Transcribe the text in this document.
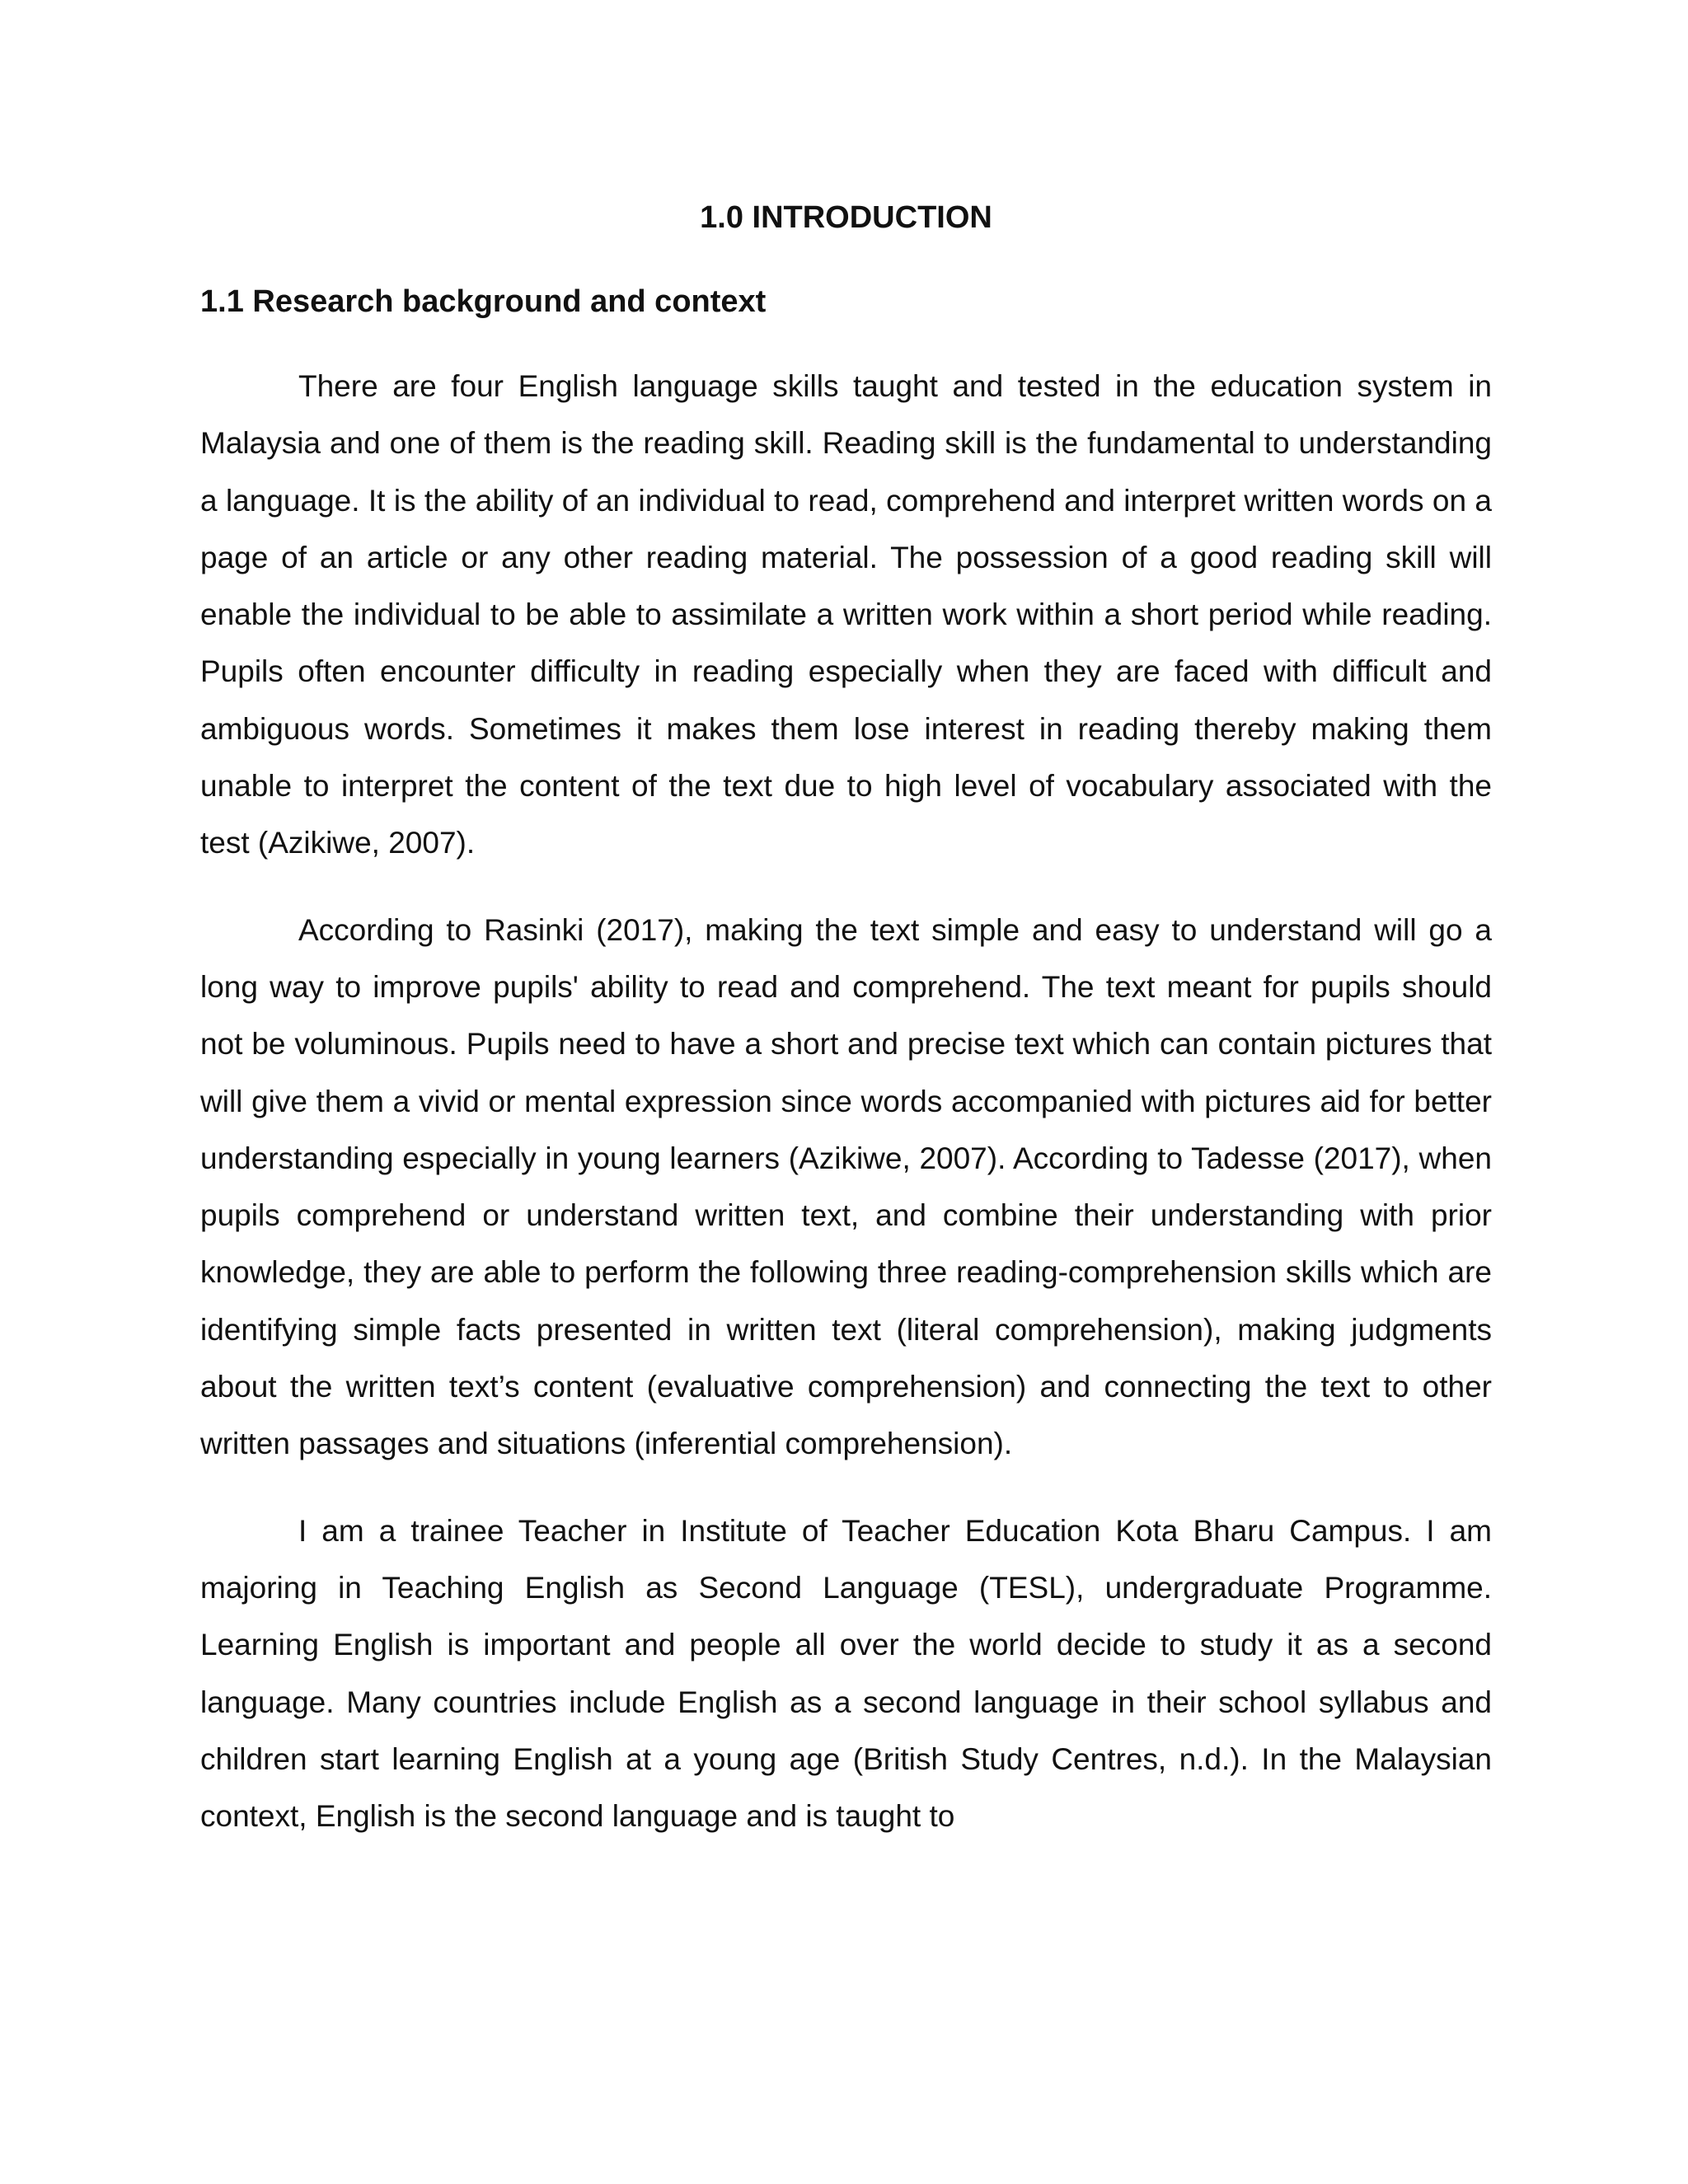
1.0 INTRODUCTION
1.1 Research background and context

There are four English language skills taught and tested in the education system in Malaysia and one of them is the reading skill. Reading skill is the fundamental to understanding a language. It is the ability of an individual to read, comprehend and interpret written words on a page of an article or any other reading material. The possession of a good reading skill will enable the individual to be able to assimilate a written work within a short period while reading. Pupils often encounter difficulty in reading especially when they are faced with difficult and ambiguous words. Sometimes it makes them lose interest in reading thereby making them unable to interpret the content of the text due to high level of vocabulary associated with the test (Azikiwe, 2007).

According to Rasinki (2017), making the text simple and easy to understand will go a long way to improve pupils' ability to read and comprehend. The text meant for pupils should not be voluminous. Pupils need to have a short and precise text which can contain pictures that will give them a vivid or mental expression since words accompanied with pictures aid for better understanding especially in young learners (Azikiwe, 2007). According to Tadesse (2017), when pupils comprehend or understand written text, and combine their understanding with prior knowledge, they are able to perform the following three reading-comprehension skills which are identifying simple facts presented in written text (literal comprehension), making judgments about the written text’s content (evaluative comprehension) and connecting the text to other written passages and situations (inferential comprehension).

I am a trainee Teacher in Institute of Teacher Education Kota Bharu Campus. I am majoring in Teaching English as Second Language (TESL), undergraduate Programme. Learning English is important and people all over the world decide to study it as a second language. Many countries include English as a second language in their school syllabus and children start learning English at a young age (British Study Centres, n.d.). In the Malaysian context, English is the second language and is taught to
